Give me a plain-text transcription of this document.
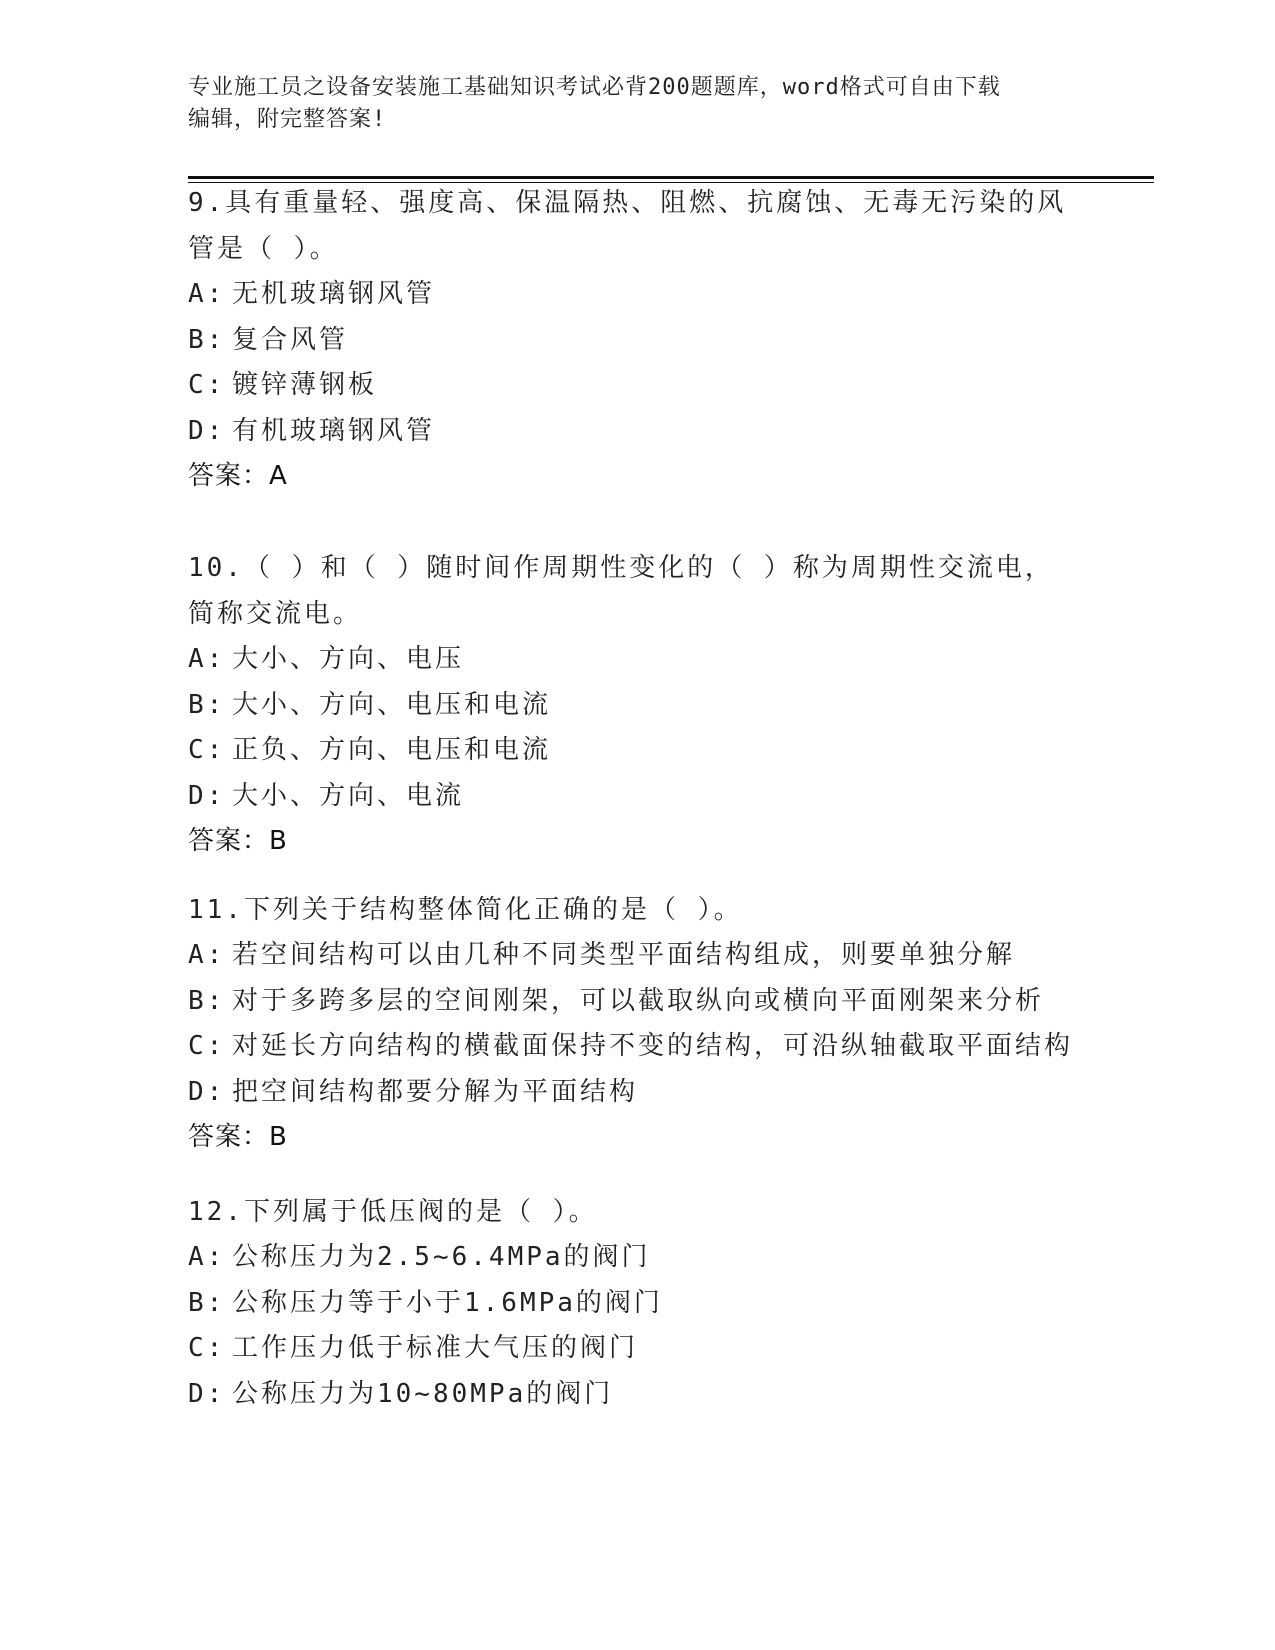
专业施工员之设备安装施工基础知识考试必背200题题库，word格式可自由下载
编辑，附完整答案!
9.具有重量轻、强度高、保温隔热、阻燃、抗腐蚀、无毒无污染的风管是（ ）。
A: 无机玻璃钢风管
B: 复合风管
C: 镀锌薄钢板
D: 有机玻璃钢风管
答案：A
10.（ ）和（ ）随时间作周期性变化的（ ）称为周期性交流电，简称交流电。
A: 大小、方向、电压
B: 大小、方向、电压和电流
C: 正负、方向、电压和电流
D: 大小、方向、电流
答案：B
11.下列关于结构整体简化正确的是（ ）。
A: 若空间结构可以由几种不同类型平面结构组成，则要单独分解
B: 对于多跨多层的空间刚架，可以截取纵向或横向平面刚架来分析
C: 对延长方向结构的横截面保持不变的结构，可沿纵轴截取平面结构
D: 把空间结构都要分解为平面结构
答案：B
12.下列属于低压阀的是（ ）。
A: 公称压力为2.5~6.4MPa的阀门
B: 公称压力等于小于1.6MPa的阀门
C: 工作压力低于标准大气压的阀门
D: 公称压力为10~80MPa的阀门
